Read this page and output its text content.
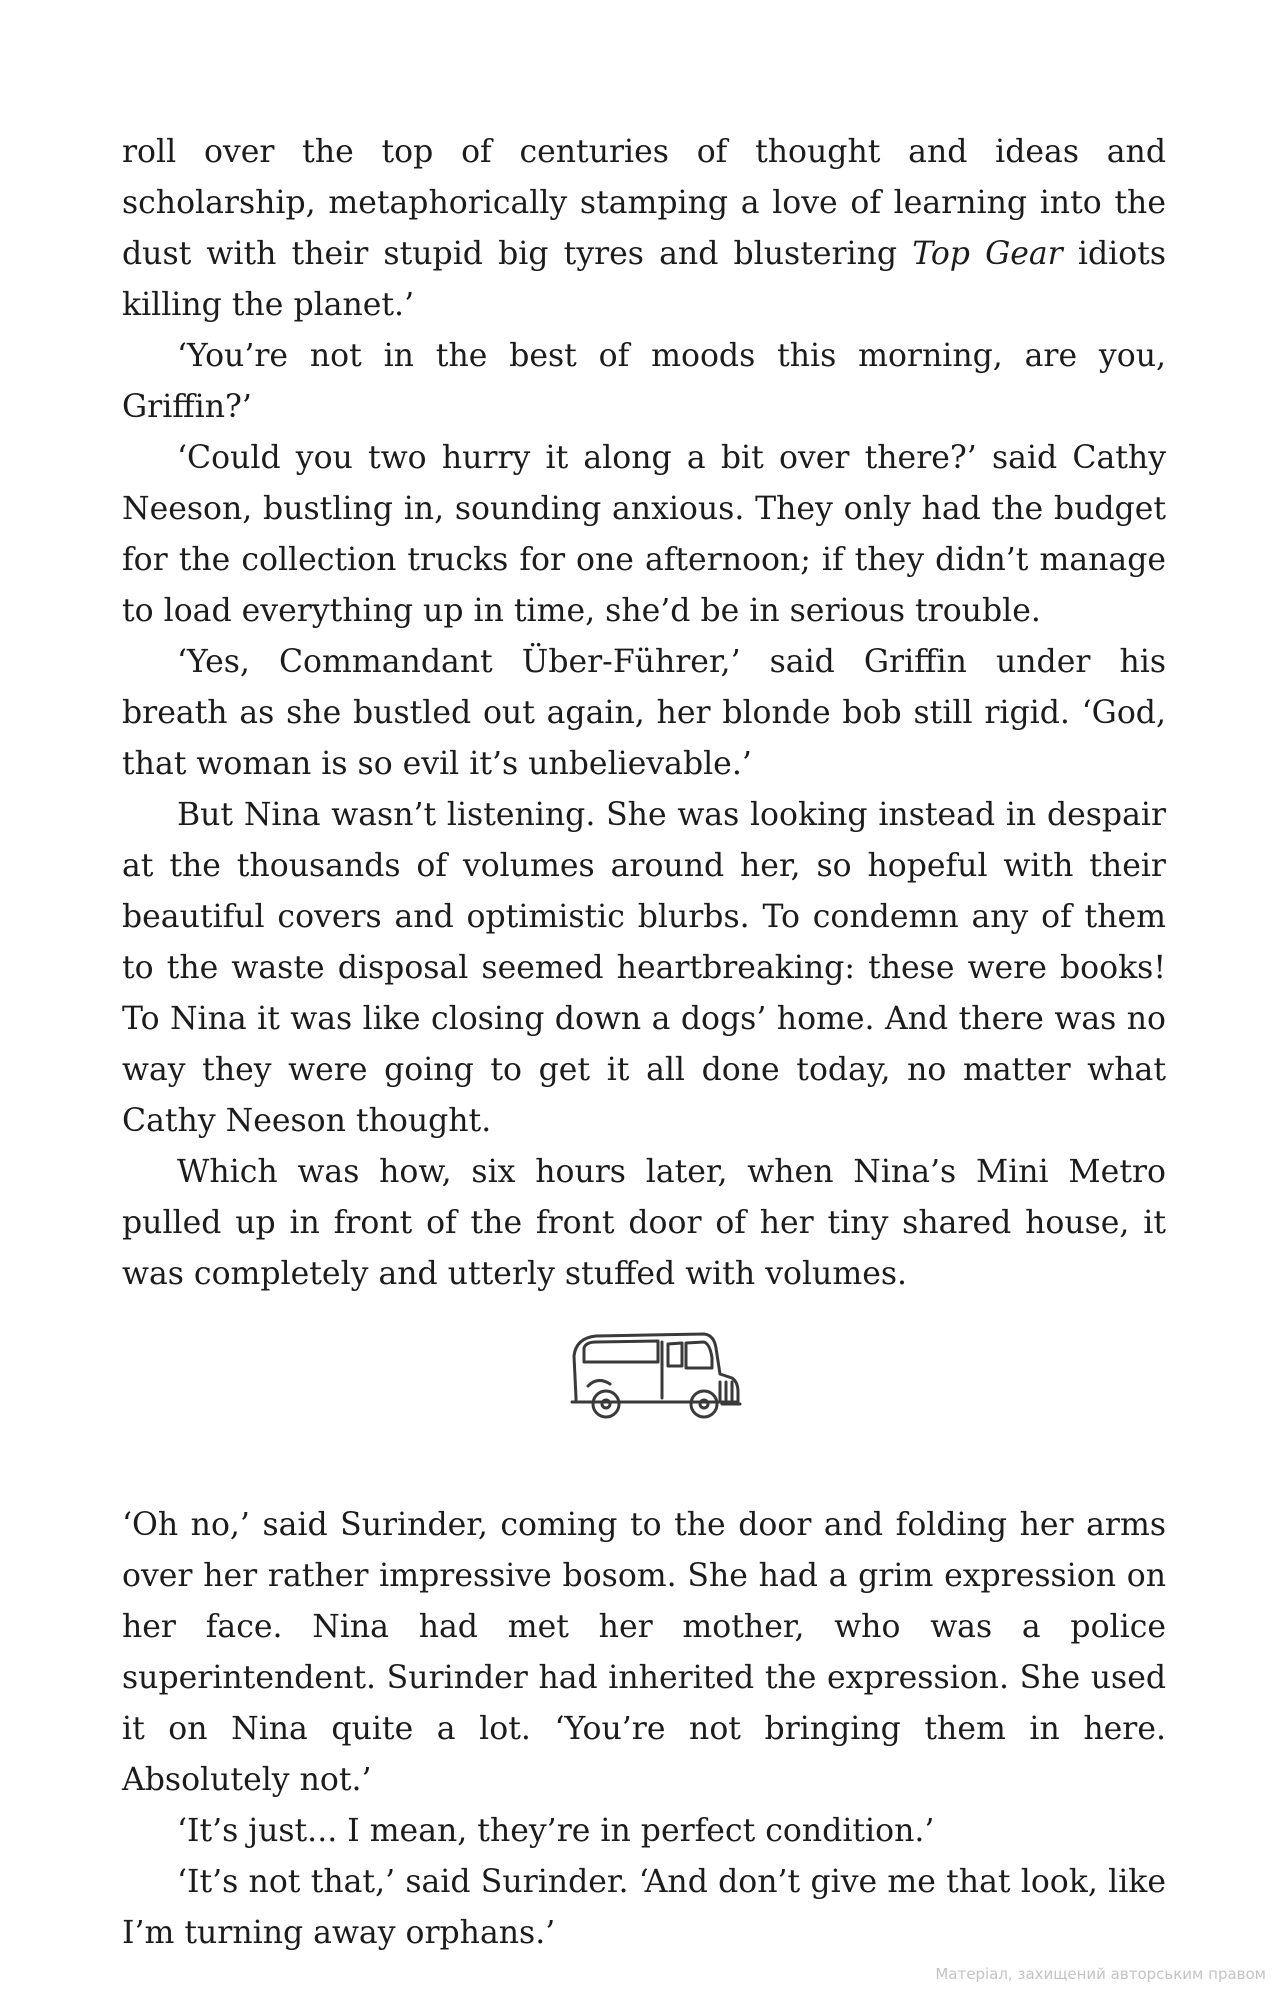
roll over the top of centuries of thought and ideas and scholarship, metaphorically stamping a love of learning into the dust with their stupid big tyres and blustering Top Gear idiots killing the planet.’

‘You’re not in the best of moods this morning, are you, Griffin?’

‘Could you two hurry it along a bit over there?’ said Cathy Neeson, bustling in, sounding anxious. They only had the budget for the collection trucks for one afternoon; if they didn’t manage to load everything up in time, she’d be in serious trouble.

‘Yes, Commandant Über-Führer,’ said Griffin under his breath as she bustled out again, her blonde bob still rigid. ‘God, that woman is so evil it’s unbelievable.’

But Nina wasn’t listening. She was looking instead in despair at the thousands of volumes around her, so hopeful with their beautiful covers and optimistic blurbs. To condemn any of them to the waste disposal seemed heartbreaking: these were books! To Nina it was like closing down a dogs’ home. And there was no way they were going to get it all done today, no matter what Cathy Neeson thought.

Which was how, six hours later, when Nina’s Mini Metro pulled up in front of the front door of her tiny shared house, it was completely and utterly stuffed with volumes.

‘Oh no,’ said Surinder, coming to the door and folding her arms over her rather impressive bosom. She had a grim expression on her face. Nina had met her mother, who was a police superintendent. Surinder had inherited the expression. She used it on Nina quite a lot. ‘You’re not bringing them in here. Absolutely not.’

‘It’s just... I mean, they’re in perfect condition.’

‘It’s not that,’ said Surinder. ‘And don’t give me that look, like I’m turning away orphans.’

Матеріал, захищений авторським правом
